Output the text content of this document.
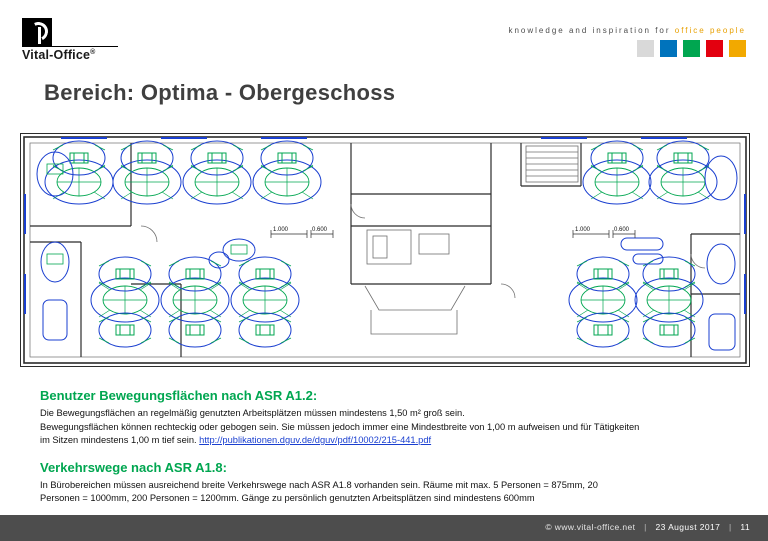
Vital-Office®
knowledge and inspiration for office people
Bereich: Optima - Obergeschoss
1.000	0.600	1.000	0.600

Benutzer Bewegungsflächen nach ASR A1.2:

Die Bewegungsflächen an regelmäßig genutzten Arbeitsplätzen müssen mindestens 1,50 m² groß sein.
Bewegungsflächen können rechteckig oder gebogen sein. Sie müssen jedoch immer eine Mindestbreite von 1,00 m aufweisen und für Tätigkeiten
im Sitzen mindestens 1,00 m tief sein. http://publikationen.dguv.de/dguv/pdf/10002/215-441.pdf

Verkehrswege nach ASR A1.8:

In Bürobereichen müssen ausreichend breite Verkehrswege nach ASR A1.8 vorhanden sein. Räume mit max. 5 Personen = 875mm, 20
Personen = 1000mm, 200 Personen = 1200mm. Gänge zu persönlich genutzten Arbeitsplätzen sind mindestens 600mm

© www.vital-office.net | 23 August 2017 | 11
